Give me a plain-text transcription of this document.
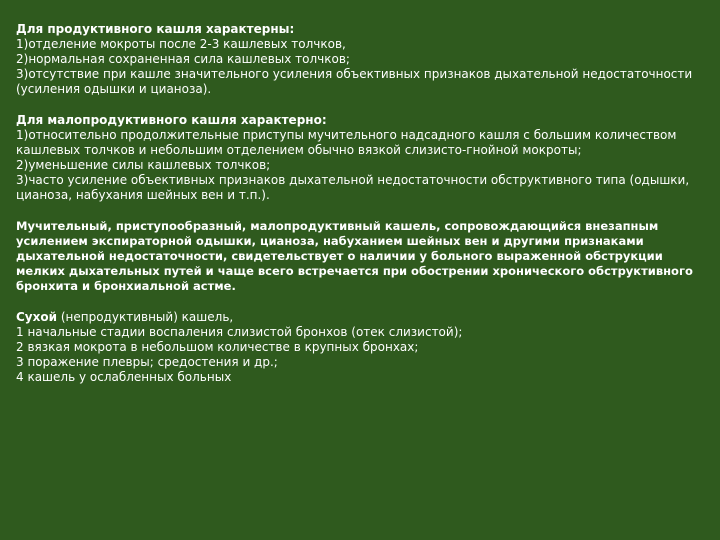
Для продуктивного кашля характерны:
1)отделение мокроты после 2-3 кашлевых толчков,
2)нормальная сохраненная сила кашлевых толчков;
3)отсутствие при кашле значительного усиления объективных признаков дыхательной недостаточности (усиления одышки и цианоза).
Для малопродуктивного кашля характерно:
1)относительно продолжительные приступы мучительного надсадного кашля с большим количеством кашлевых толчков и небольшим отделением обычно вязкой слизисто-гнойной мокроты;
2)уменьшение силы кашлевых толчков;
3)часто усиление объективных признаков дыхательной недостаточности обструктивного типа (одышки, цианоза, набухания шейных вен и т.п.).
Мучительный, приступообразный, малопродуктивный кашель, сопровождающийся внезапным усилением экспираторной одышки, цианоза, набуханием шейных вен и другими признаками дыхательной недостаточности, свидетельствует о наличии у больного выраженной обструкции мелких дыхательных путей и чаще всего встречается при обострении хронического обструктивного бронхита и бронхиальной астме.
Сухой (непродуктивный) кашель,
1 начальные стадии воспаления слизистой бронхов (отек слизистой);
2 вязкая мокрота в небольшом количестве в крупных бронхах;
3 поражение плевры; средостения и др.;
4 кашель у ослабленных больных
